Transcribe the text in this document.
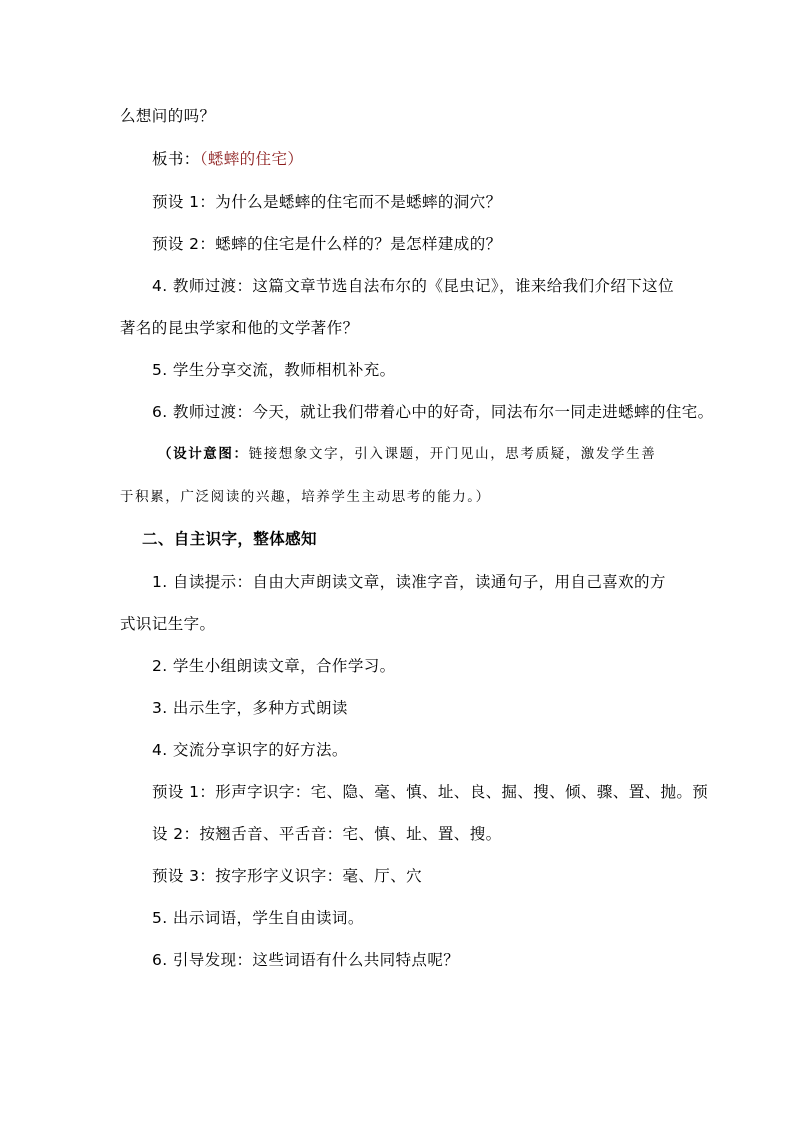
么想问的吗？
板书：（蟋蟀的住宅）
预设 1：为什么是蟋蟀的住宅而不是蟋蟀的洞穴？
预设 2：蟋蟀的住宅是什么样的？是怎样建成的？
4. 教师过渡：这篇文章节选自法布尔的《昆虫记》，谁来给我们介绍下这位
著名的昆虫学家和他的文学著作？
5. 学生分享交流，教师相机补充。
6. 教师过渡：今天，就让我们带着心中的好奇，同法布尔一同走进蟋蟀的住宅。
（设计意图：链接想象文字，引入课题，开门见山，思考质疑，激发学生善
于积累，广泛阅读的兴趣，培养学生主动思考的能力。）
二、自主识字，整体感知
1. 自读提示：自由大声朗读文章，读准字音，读通句子，用自己喜欢的方
式识记生字。
2. 学生小组朗读文章，合作学习。
3. 出示生字，多种方式朗读
4. 交流分享识字的好方法。
预设 1：形声字识字：宅、隐、毫、慎、址、良、掘、搜、倾、骤、置、抛。预
设 2：按翘舌音、平舌音：宅、慎、址、置、搜。
预设 3：按字形字义识字：毫、厅、穴
5. 出示词语，学生自由读词。
6. 引导发现：这些词语有什么共同特点呢？
